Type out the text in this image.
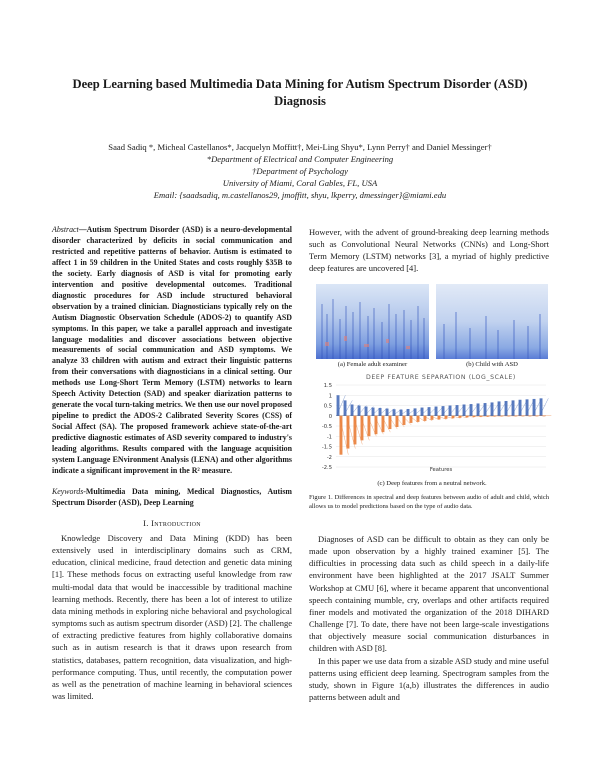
Deep Learning based Multimedia Data Mining for Autism Spectrum Disorder (ASD)
Diagnosis
Saad Sadiq *, Micheal Castellanos*, Jacquelyn Moffitt†, Mei-Ling Shyu*, Lynn Perry† and Daniel Messinger†
*Department of Electrical and Computer Engineering
†Department of Psychology
University of Miami, Coral Gables, FL, USA
Email: {saadsadiq, m.castellanos29, jmoffitt, shyu, lkperry, dmessinger}@miami.edu
Abstract—Autism Spectrum Disorder (ASD) is a neuro-developmental disorder characterized by deficits in social communication and restricted and repetitive patterns of behavior. Autism is estimated to affect 1 in 59 children in the United States and costs roughly $35B to the society. Early diagnosis of ASD is vital for promoting early intervention and positive developmental outcomes. Traditional diagnostic procedures for ASD include structured behavioral observation by a trained clinician. Diagnosticians typically rely on the Autism Diagnostic Observation Schedule (ADOS-2) to quantify ASD symptoms. In this paper, we take a parallel approach and investigate language modalities and discover associations between objective measurements of social communication and ASD symptoms. We analyze 33 children with autism and extract their linguistic patterns from their conversations with diagnosticians in a clinical setting. Our methods use Long-Short Term Memory (LSTM) networks to learn Speech Activity Detection (SAD) and speaker diarization patterns to generate the vocal turn-taking metrics. We then use our novel proposed pipeline to predict the ADOS-2 Calibrated Severity Scores (CSS) of Social Affect (SA). The proposed framework achieve state-of-the-art predictive diagnostic estimates of ASD severity compared to industry's leading algorithms. Results compared with the language acquisition system Language ENvironment Analysis (LENA) and other algorithms indicate a significant improvement in the R² measure.
Keywords-Multimedia Data mining, Medical Diagnostics, Autism Spectrum Disorder (ASD), Deep Learning
I. Introduction

Knowledge Discovery and Data Mining (KDD) has been extensively used in interdisciplinary domains such as CRM, education, clinical medicine, fraud detection and genetic data mining [1]. These methods focus on extracting useful knowledge from raw multi-modal data that would be inaccessible by traditional machine learning methods. Recently, there has been a lot of interest to utilize data mining methods in exploring niche behavioral and psychological symptoms such as autism spectrum disorder (ASD) [2]. The challenge of extracting predictive features from highly collaborative domains such as in autism research is that it draws upon research from statistics, databases, pattern recognition, data visualization, and high-performance computing. Thus, until recently, the computation power as well as the penetration of machine learning in behavioral sciences was limited.

However, with the advent of ground-breaking deep learning methods such as Convolutional Neural Networks (CNNs) and Long-Short Term Memory (LSTM) networks [3], a myriad of highly predictive deep features are uncovered [4].

(a) Female adult examiner	(b) Child with ASD
DEEP FEATURE SEPARATION (LOG_SCALE)
1.5
1
0.5
0
-0.5
-1
-1.5
-2
-2.5	Features
(c) Deep features from a neutral network.
Figure 1. Differences in spectral and deep features between audio of adult and child, which allows us to model predictions based on the type of audio data.

Diagnoses of ASD can be difficult to obtain as they can only be made upon observation by a highly trained examiner [5]. The difficulties in processing data such as child speech in a daily-life environment have been highlighted at the 2017 JSALT Summer Workshop at CMU [6], where it became apparent that unconventional speech containing mumble, cry, overlaps and other artifacts required finer models and motivated the organization of the 2018 DIHARD Challenge [7]. To date, there have not been large-scale investigations that objectively measure social communication disturbances in children with ASD [8].

In this paper we use data from a sizable ASD study and mine useful patterns using efficient deep learning. Spectrogram samples from the study, shown in Figure 1(a,b) illustrates the differences in audio patterns between adult and
